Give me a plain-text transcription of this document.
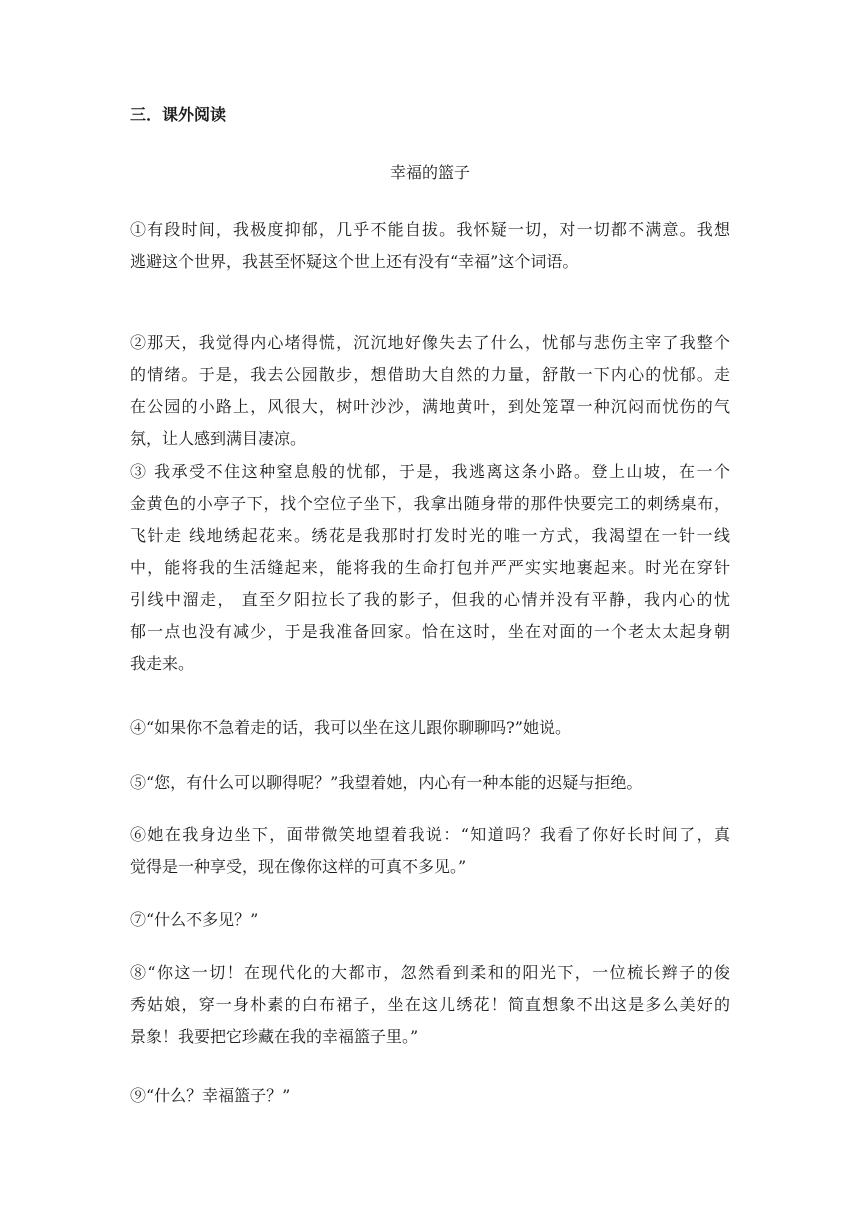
三．课外阅读
幸福的篮子
①有段时间，我极度抑郁，几乎不能自拔。我怀疑一切，对一切都不满意。我想
逃避这个世界，我甚至怀疑这个世上还有没有“幸福”这个词语。
②那天，我觉得内心堵得慌，沉沉地好像失去了什么，忧郁与悲伤主宰了我整个
的情绪。于是，我去公园散步，想借助大自然的力量，舒散一下内心的忧郁。走
在公园的小路上，风很大，树叶沙沙，满地黄叶，到处笼罩一种沉闷而忧伤的气
氛，让人感到满目凄凉。
③ 我承受不住这种窒息般的忧郁，于是，我逃离这条小路。登上山坡，在一个
金黄色的小亭子下，找个空位子坐下，我拿出随身带的那件快要完工的刺绣桌布，
飞针走 线地绣起花来。绣花是我那时打发时光的唯一方式，我渴望在一针一线
中，能将我的生活缝起来，能将我的生命打包并严严实实地裹起来。时光在穿针
引线中溜走， 直至夕阳拉长了我的影子，但我的心情并没有平静，我内心的忧
郁一点也没有减少，于是我准备回家。恰在这时，坐在对面的一个老太太起身朝
我走来。
④“如果你不急着走的话，我可以坐在这儿跟你聊聊吗?”她说。
⑤“您，有什么可以聊得呢？”我望着她，内心有一种本能的迟疑与拒绝。
⑥她在我身边坐下，面带微笑地望着我说：“知道吗？我看了你好长时间了，真
觉得是一种享受，现在像你这样的可真不多见。”
⑦“什么不多见？”
⑧“你这一切！在现代化的大都市，忽然看到柔和的阳光下，一位梳长辫子的俊
秀姑娘，穿一身朴素的白布裙子，坐在这儿绣花！简直想象不出这是多么美好的
景象！我要把它珍藏在我的幸福篮子里。”
⑨“什么？幸福篮子？”
